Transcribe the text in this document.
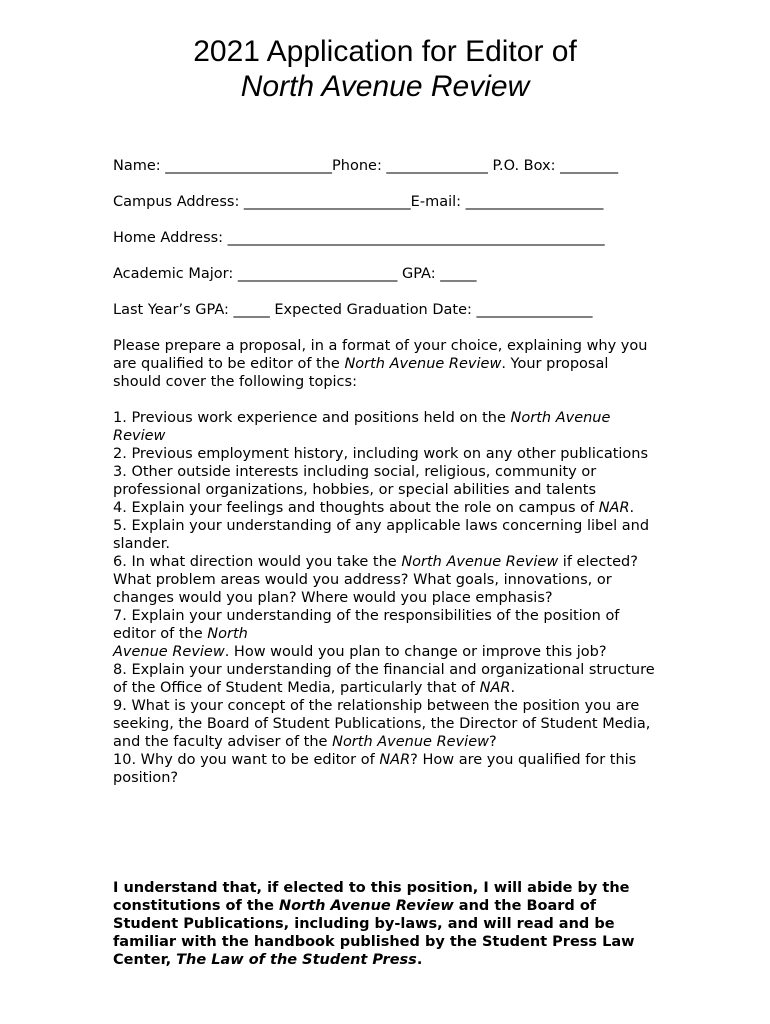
2021 Application for Editor of
North Avenue Review

Name: _______________________Phone: ______________ P.O. Box: ________

Campus Address: _______________________E-mail: ___________________

Home Address: ____________________________________________________

Academic Major: ______________________ GPA: _____

Last Year’s GPA: _____ Expected Graduation Date: ________________

Please prepare a proposal, in a format of your choice, explaining why you are qualified to be editor of the North Avenue Review. Your proposal should cover the following topics:

1. Previous work experience and positions held on the North Avenue Review

2. Previous employment history, including work on any other publications

3. Other outside interests including social, religious, community or professional organizations, hobbies, or special abilities and talents

4. Explain your feelings and thoughts about the role on campus of NAR.

5. Explain your understanding of any applicable laws concerning libel and slander.

6. In what direction would you take the North Avenue Review if elected? What problem areas would you address? What goals, innovations, or changes would you plan? Where would you place emphasis?

7. Explain your understanding of the responsibilities of the position of editor of the North
Avenue Review. How would you plan to change or improve this job?

8. Explain your understanding of the financial and organizational structure of the Office of Student Media, particularly that of NAR.

9. What is your concept of the relationship between the position you are seeking, the Board of Student Publications, the Director of Student Media, and the faculty adviser of the North Avenue Review?

10. Why do you want to be editor of NAR? How are you qualified for this position?

I understand that, if elected to this position, I will abide by the constitutions of the North Avenue Review and the Board of Student Publications, including by-laws, and will read and be familiar with the handbook published by the Student Press Law Center, The Law of the Student Press.
